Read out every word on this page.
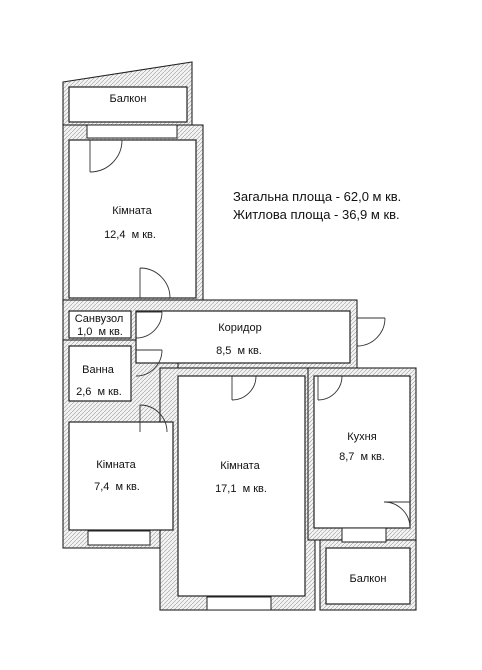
Балкон
Кімната
12,4  м кв.
Санвузол
1,0  м кв.	Коридор
8,5  м кв.
Ванна
2,6  м кв.
Кімната
7,4  м кв.
Кімната
17,1  м кв.
Кухня
8,7  м кв.
Балкон
Загальна площа - 62,0 м кв.
Житлова площа - 36,9 м кв.
